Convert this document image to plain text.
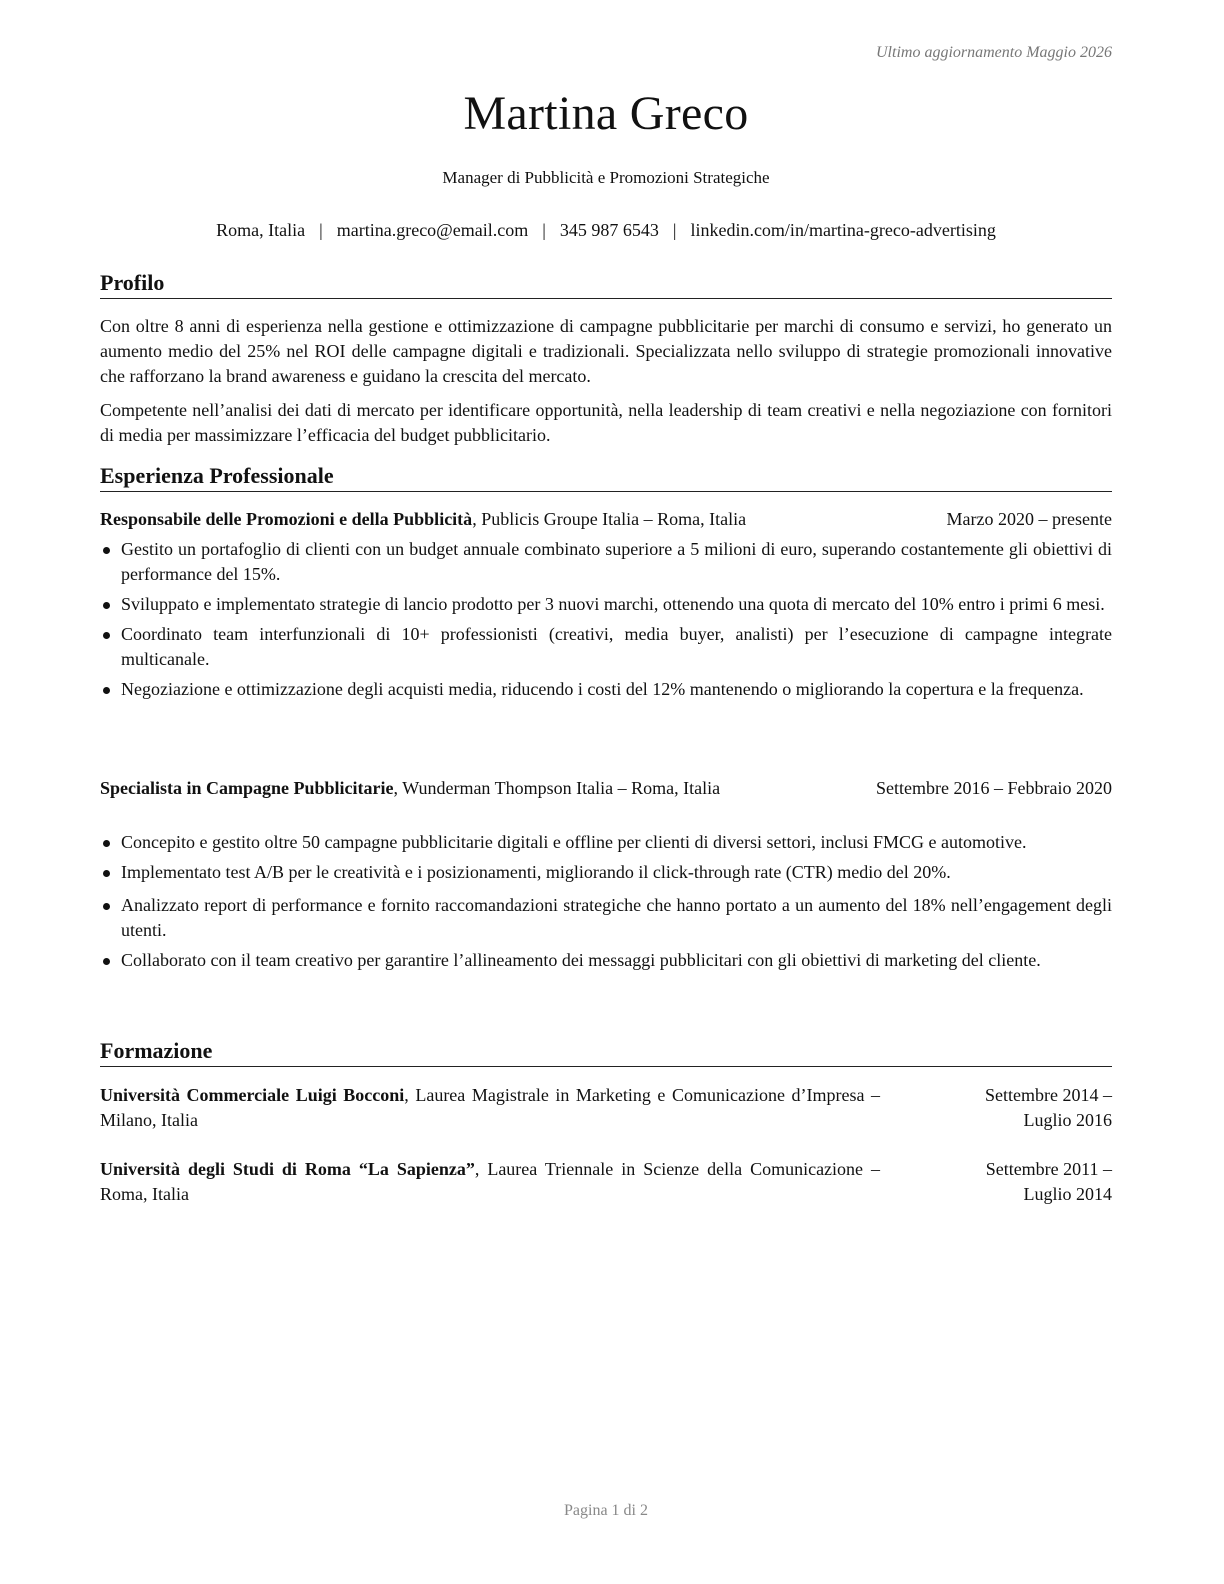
Ultimo aggiornamento Maggio 2026
Martina Greco
Manager di Pubblicità e Promozioni Strategiche
Roma, Italia | martina.greco@email.com | 345 987 6543 | linkedin.com/in/martina-greco-advertising
Profilo
Con oltre 8 anni di esperienza nella gestione e ottimizzazione di campagne pubblicitarie per marchi di consumo e servizi, ho generato un aumento medio del 25% nel ROI delle campagne digitali e tradizionali. Specializzata nello sviluppo di strategie promozionali innovative che rafforzano la brand awareness e guidano la crescita del mercato.
Competente nell’analisi dei dati di mercato per identificare opportunità, nella leadership di team creativi e nella negoziazione con fornitori di media per massimizzare l’efficacia del budget pubblicitario.
Esperienza Professionale
Responsabile delle Promozioni e della Pubblicità, Publicis Groupe Italia – Roma, Italia	Marzo 2020 – presente
Gestito un portafoglio di clienti con un budget annuale combinato superiore a 5 milioni di euro, superando costantemente gli obiettivi di performance del 15%.
Sviluppato e implementato strategie di lancio prodotto per 3 nuovi marchi, ottenendo una quota di mercato del 10% entro i primi 6 mesi.
Coordinato team interfunzionali di 10+ professionisti (creativi, media buyer, analisti) per l’esecuzione di campagne integrate multicanale.
Negoziazione e ottimizzazione degli acquisti media, riducendo i costi del 12% mantenendo o migliorando la copertura e la frequenza.
Specialista in Campagne Pubblicitarie, Wunderman Thompson Italia – Roma, Italia	Settembre 2016 – Febbraio 2020
Concepito e gestito oltre 50 campagne pubblicitarie digitali e offline per clienti di diversi settori, inclusi FMCG e automotive.
Implementato test A/B per le creatività e i posizionamenti, migliorando il click-through rate (CTR) medio del 20%.
Analizzato report di performance e fornito raccomandazioni strategiche che hanno portato a un aumento del 18% nell’engagement degli utenti.
Collaborato con il team creativo per garantire l’allineamento dei messaggi pubblicitari con gli obiettivi di marketing del cliente.
Formazione
Università Commerciale Luigi Bocconi, Laurea Magistrale in Marketing e Comunicazione d’Impresa – Milano, Italia
Settembre 2014 – Luglio 2016
Università degli Studi di Roma “La Sapienza”, Laurea Triennale in Scienze della Comunicazione – Roma, Italia
Settembre 2011 – Luglio 2014
Pagina 1 di 2
